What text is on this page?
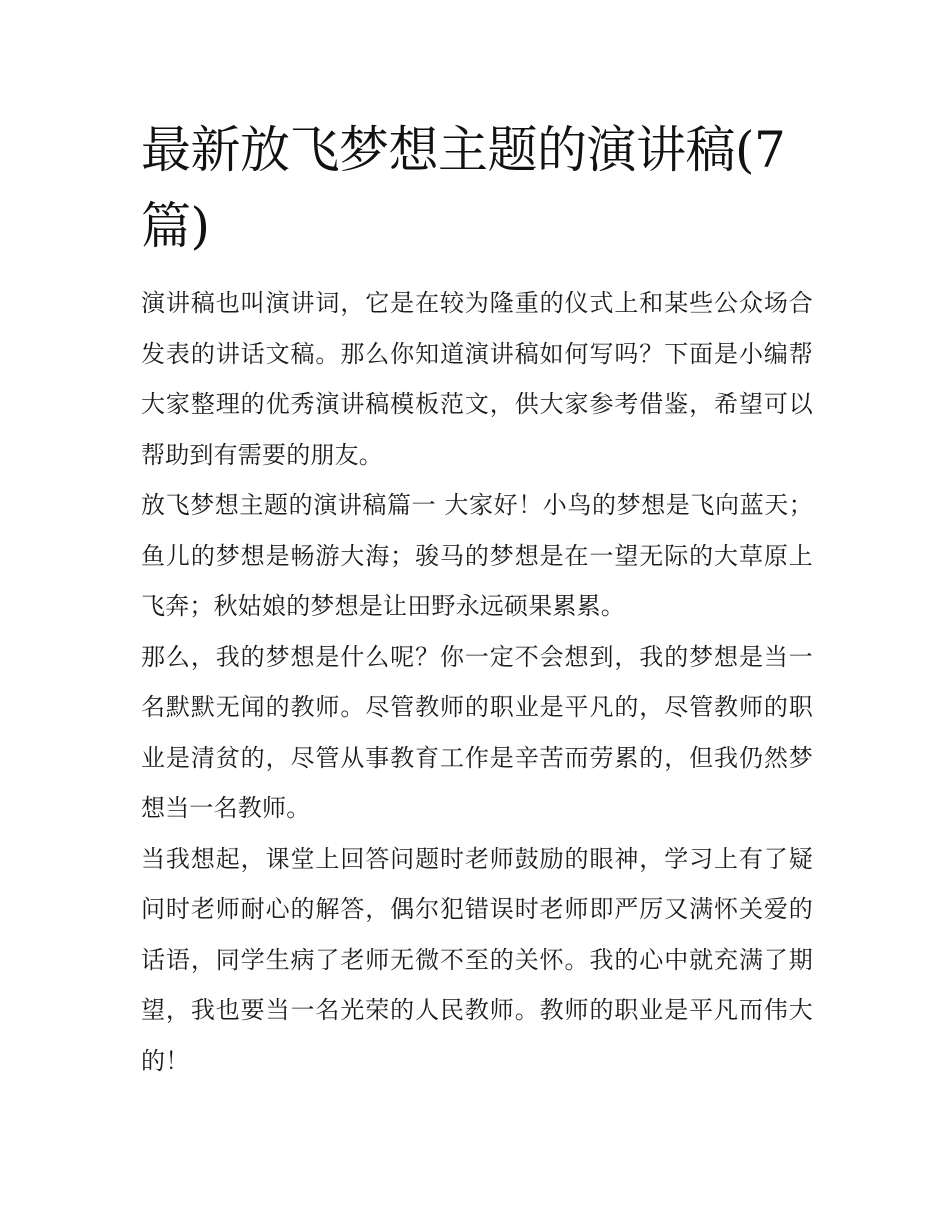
最新放飞梦想主题的演讲稿(7篇)

演讲稿也叫演讲词，它是在较为隆重的仪式上和某些公众场合发表的讲话文稿。那么你知道演讲稿如何写吗？下面是小编帮大家整理的优秀演讲稿模板范文，供大家参考借鉴，希望可以帮助到有需要的朋友。

放飞梦想主题的演讲稿篇一 大家好！小鸟的梦想是飞向蓝天；鱼儿的梦想是畅游大海；骏马的梦想是在一望无际的大草原上飞奔；秋姑娘的梦想是让田野永远硕果累累。

那么，我的梦想是什么呢？你一定不会想到，我的梦想是当一名默默无闻的教师。尽管教师的职业是平凡的，尽管教师的职业是清贫的，尽管从事教育工作是辛苦而劳累的，但我仍然梦想当一名教师。

当我想起，课堂上回答问题时老师鼓励的眼神，学习上有了疑问时老师耐心的解答，偶尔犯错误时老师即严厉又满怀关爱的话语，同学生病了老师无微不至的关怀。我的心中就充满了期望，我也要当一名光荣的人民教师。教师的职业是平凡而伟大的！
